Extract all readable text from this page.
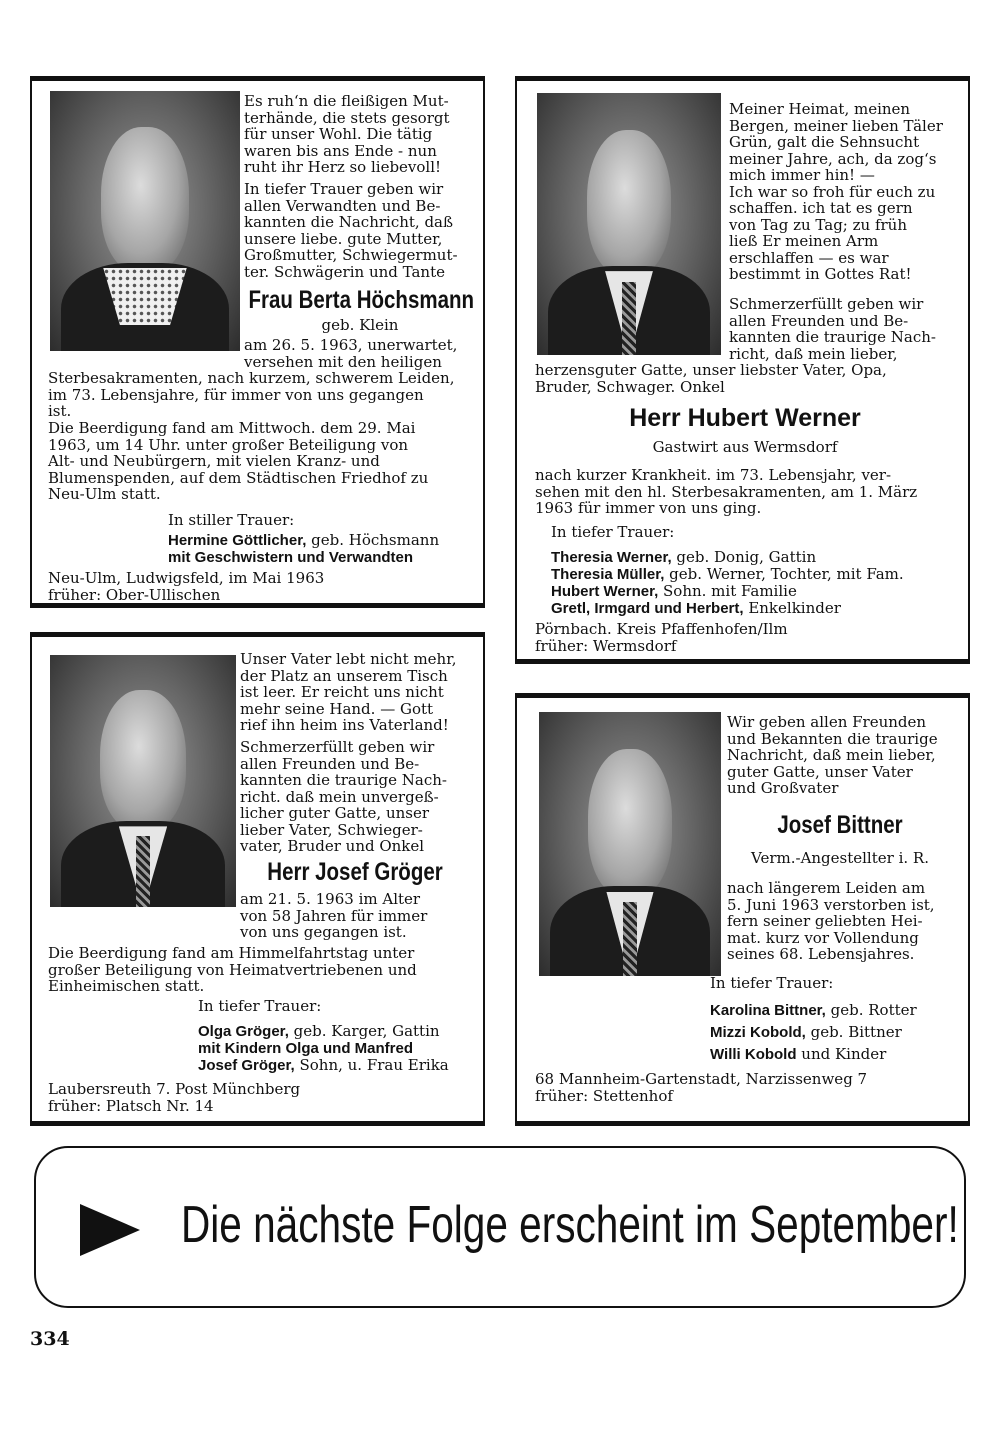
Es ruh‘n die fleißigen Mut-
terhände, die stets gesorgt
für unser Wohl. Die tätig
waren bis ans Ende - nun
ruht ihr Herz so liebevoll!
In tiefer Trauer geben wir
allen Verwandten und Be-
kannten die Nachricht, daß
unsere liebe. gute Mutter,
Großmutter, Schwiegermut-
ter. Schwägerin und Tante
Frau Berta Höchsmann
geb. Klein
am 26. 5. 1963, unerwartet,
versehen mit den heiligen
Sterbesakramenten, nach kurzem, schwerem Leiden,
im 73. Lebensjahre, für immer von uns gegangen
ist.
Die Beerdigung fand am Mittwoch. dem 29. Mai
1963, um 14 Uhr. unter großer Beteiligung von
Alt- und Neubürgern, mit vielen Kranz- und
Blumenspenden, auf dem Städtischen Friedhof zu
Neu-Ulm statt.
In stiller Trauer:
Hermine Göttlicher, geb. Höchsmann
mit Geschwistern und Verwandten
Neu-Ulm, Ludwigsfeld, im Mai 1963
früher: Ober-Ullischen
Meiner Heimat, meinen
Bergen, meiner lieben Täler
Grün, galt die Sehnsucht
meiner Jahre, ach, da zog‘s
mich immer hin! —
Ich war so froh für euch zu
schaffen. ich tat es gern
von Tag zu Tag; zu früh
ließ Er meinen Arm
erschlaffen — es war
bestimmt in Gottes Rat!
Schmerzerfüllt geben wir
allen Freunden und Be-
kannten die traurige Nach-
richt, daß mein lieber,
herzensguter Gatte, unser liebster Vater, Opa,
Bruder, Schwager. Onkel
Herr Hubert Werner
Gastwirt aus Wermsdorf
nach kurzer Krankheit. im 73. Lebensjahr, ver-
sehen mit den hl. Sterbesakramenten, am 1. März
1963 für immer von uns ging.
In tiefer Trauer:
Theresia Werner, geb. Donig, Gattin
Theresia Müller, geb. Werner, Tochter, mit Fam.
Hubert Werner, Sohn. mit Familie
Gretl, Irmgard und Herbert, Enkelkinder
Pörnbach. Kreis Pfaffenhofen/Ilm
früher: Wermsdorf
Unser Vater lebt nicht mehr,
der Platz an unserem Tisch
ist leer. Er reicht uns nicht
mehr seine Hand. — Gott
rief ihn heim ins Vaterland!
Schmerzerfüllt geben wir
allen Freunden und Be-
kannten die traurige Nach-
richt. daß mein unvergeß-
licher guter Gatte, unser
lieber Vater, Schwieger-
vater, Bruder und Onkel
Herr Josef Gröger
am 21. 5. 1963 im Alter
von 58 Jahren für immer
von uns gegangen ist.
Die Beerdigung fand am Himmelfahrtstag unter
großer Beteiligung von Heimatvertriebenen und
Einheimischen statt.
In tiefer Trauer:
Olga Gröger, geb. Karger, Gattin
mit Kindern Olga und Manfred
Josef Gröger, Sohn, u. Frau Erika
Laubersreuth 7. Post Münchberg
früher: Platsch Nr. 14
Wir geben allen Freunden
und Bekannten die traurige
Nachricht, daß mein lieber,
guter Gatte, unser Vater
und Großvater
Josef Bittner
Verm.-Angestellter i. R.
nach längerem Leiden am
5. Juni 1963 verstorben ist,
fern seiner geliebten Hei-
mat. kurz vor Vollendung
seines 68. Lebensjahres.
In tiefer Trauer:
Karolina Bittner, geb. Rotter
Mizzi Kobold, geb. Bittner
Willi Kobold und Kinder
68 Mannheim-Gartenstadt, Narzissenweg 7
früher: Stettenhof
Die nächste Folge erscheint im September!
334
